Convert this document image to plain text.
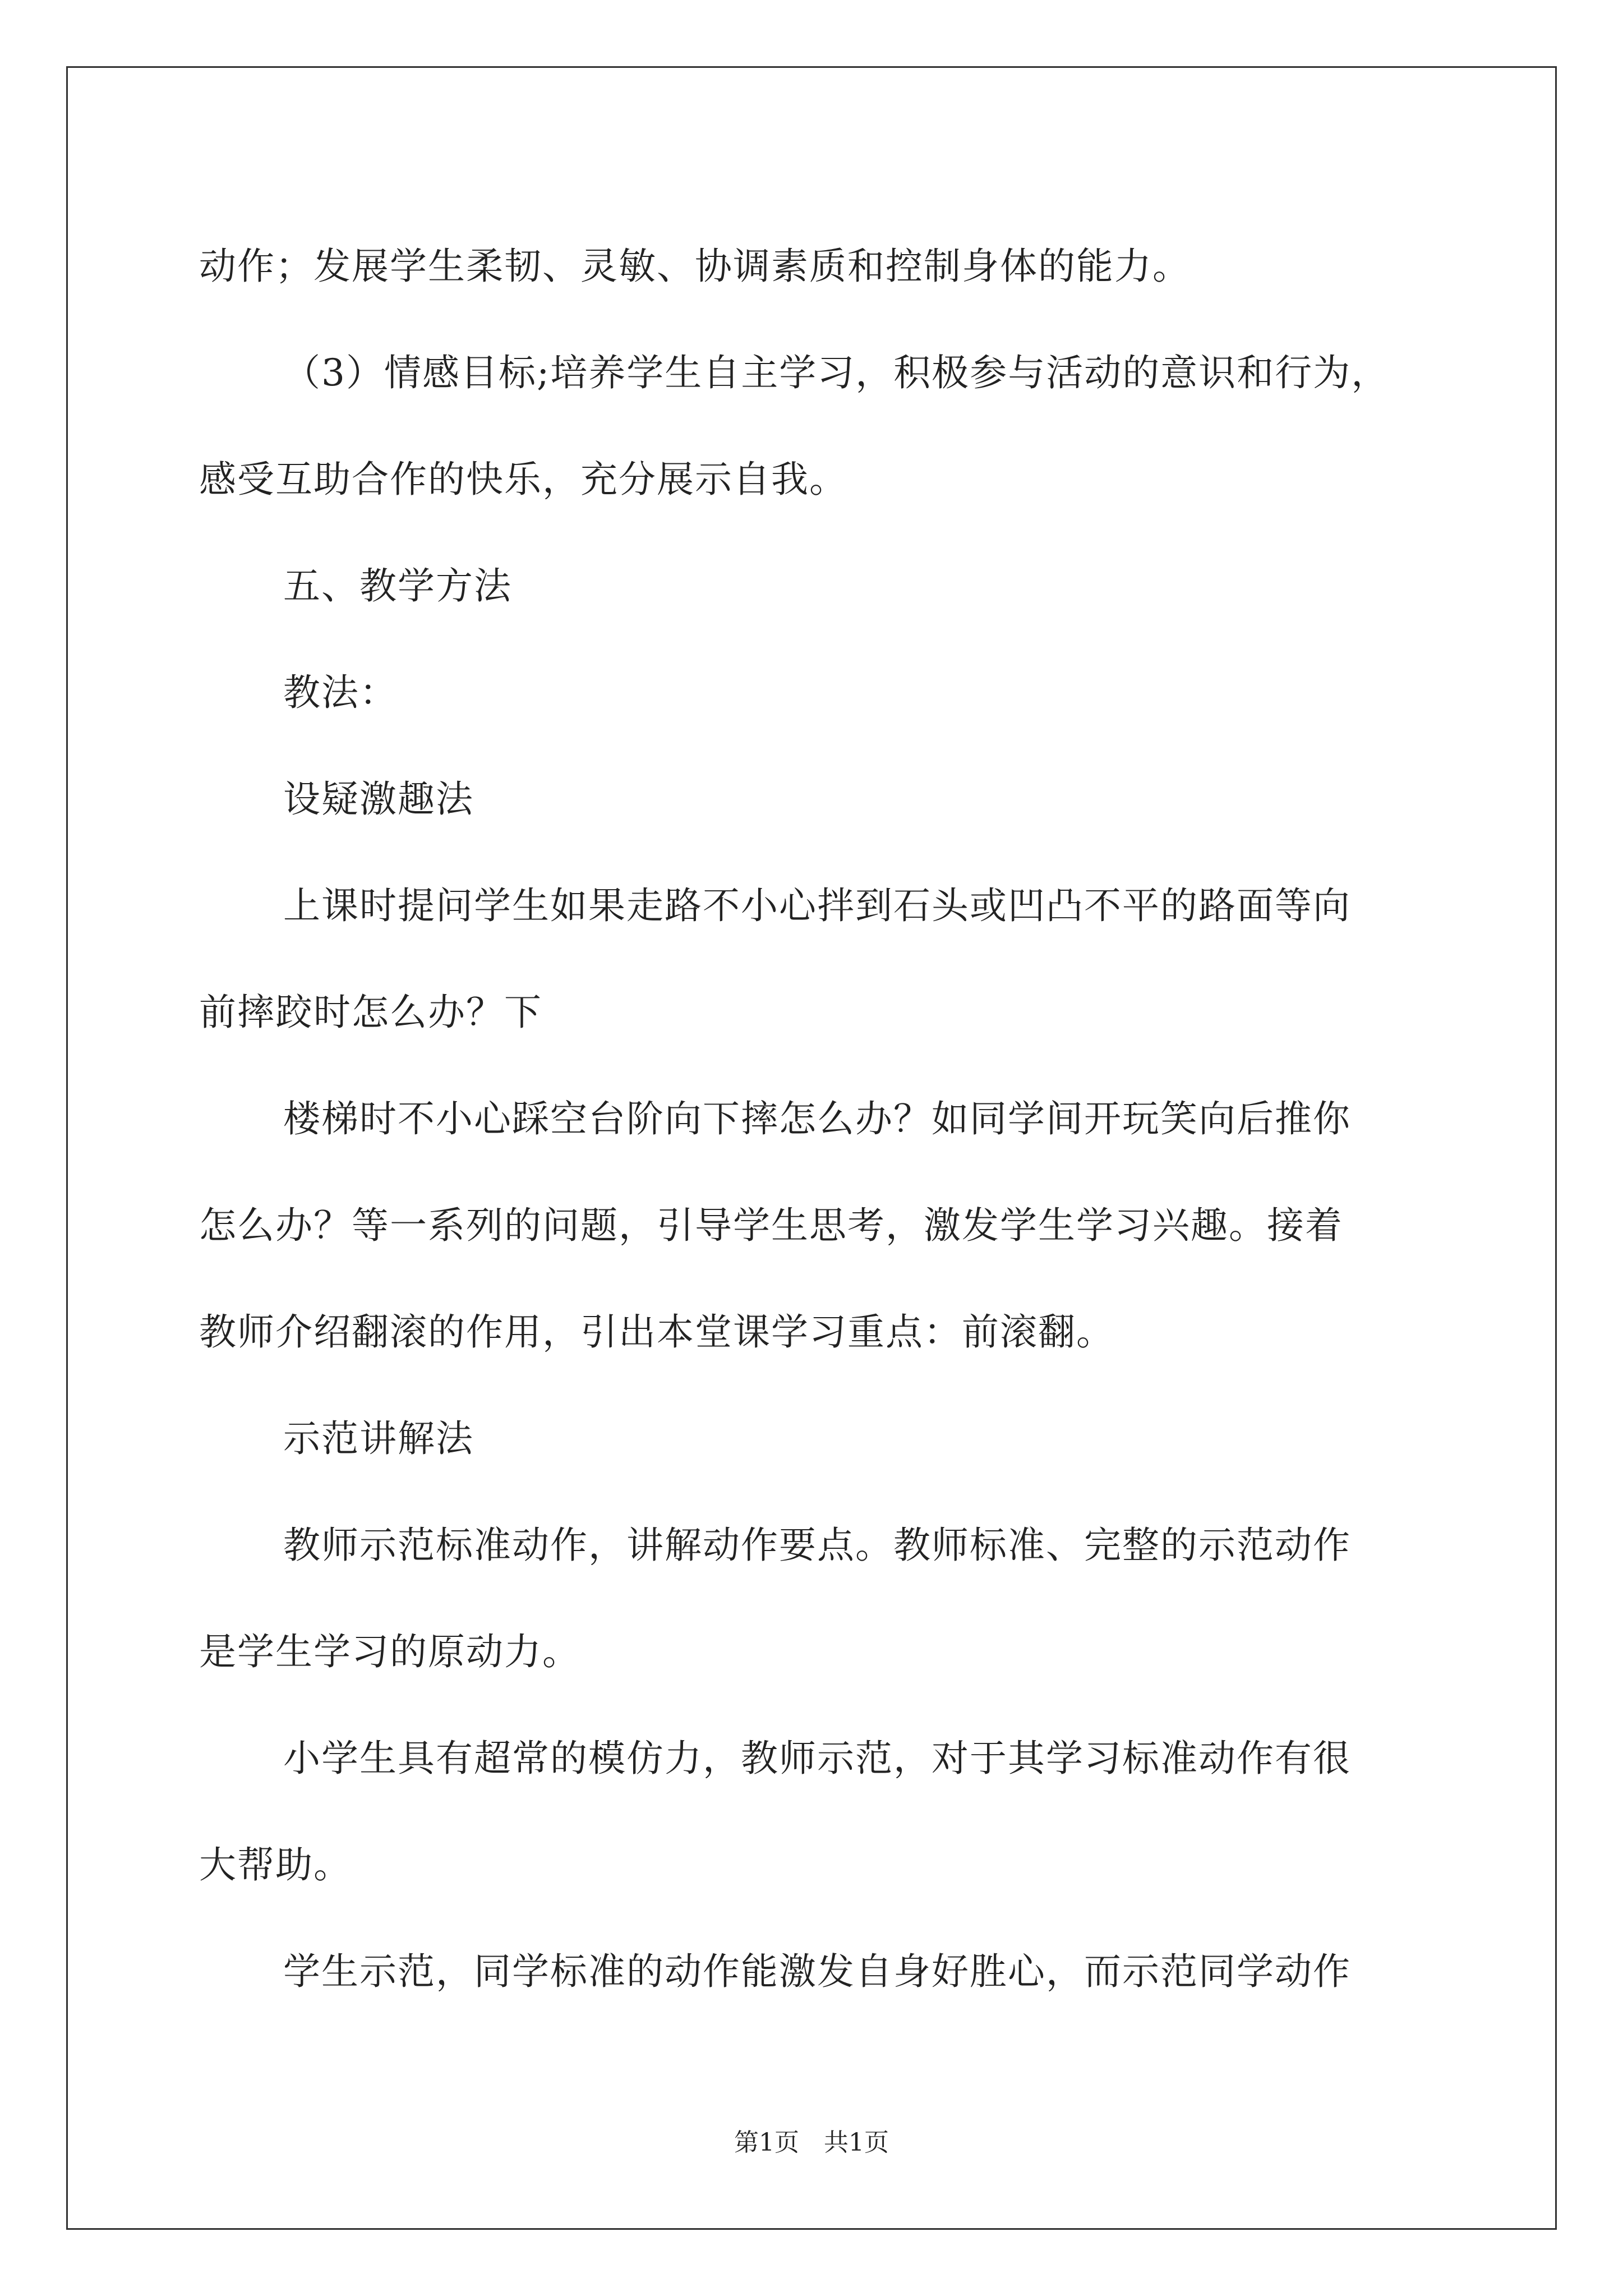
动作；发展学生柔韧、灵敏、协调素质和控制身体的能力。

（3）情感目标;培养学生自主学习，积极参与活动的意识和行为，

感受互助合作的快乐，充分展示自我。

五、教学方法

教法：

设疑激趣法

上课时提问学生如果走路不小心拌到石头或凹凸不平的路面等向

前摔跤时怎么办？下

楼梯时不小心踩空台阶向下摔怎么办？如同学间开玩笑向后推你

怎么办？等一系列的问题，引导学生思考，激发学生学习兴趣。接着

教师介绍翻滚的作用，引出本堂课学习重点：前滚翻。

示范讲解法

教师示范标准动作，讲解动作要点。教师标准、完整的示范动作

是学生学习的原动力。

小学生具有超常的模仿力，教师示范，对于其学习标准动作有很

大帮助。

学生示范，同学标准的动作能激发自身好胜心，而示范同学动作

第1页　共1页
